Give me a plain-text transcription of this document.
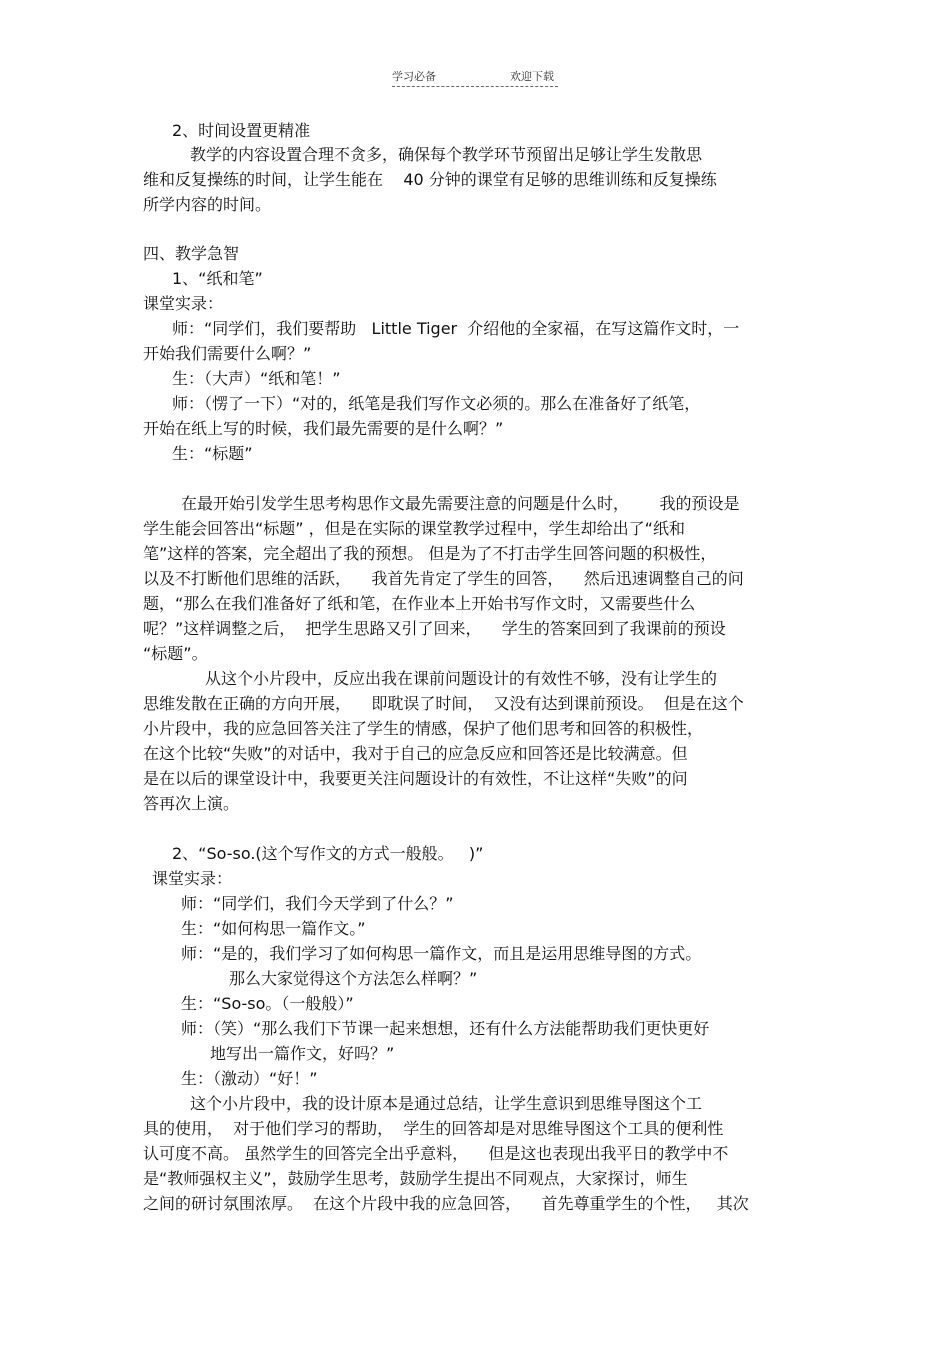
学习必备	欢迎下载
2、时间设置更精准
教学的内容设置合理不贪多，确保每个教学环节预留出足够让学生发散思
维和反复操练的时间，让学生能在    40 分钟的课堂有足够的思维训练和反复操练
所学内容的时间。
四、教学急智
1、“纸和笔”
课堂实录：
师：“同学们，我们要帮助   Little Tiger  介绍他的全家福，在写这篇作文时，一
开始我们需要什么啊？”
生：（大声）“纸和笔！”
师：（愣了一下）“对的，纸笔是我们写作文必须的。那么在准备好了纸笔，
开始在纸上写的时候，我们最先需要的是什么啊？”
生：“标题”
在最开始引发学生思考构思作文最先需要注意的问题是什么时，      我的预设是
学生能会回答出“标题” ，但是在实际的课堂教学过程中，学生却给出了“纸和
笔”这样的答案，完全超出了我的预想。 但是为了不打击学生回答问题的积极性，
以及不打断他们思维的活跃，    我首先肯定了学生的回答，    然后迅速调整自己的问
题，“那么在我们准备好了纸和笔，在作业本上开始书写作文时，又需要些什么
呢？”这样调整之后，  把学生思路又引了回来，    学生的答案回到了我课前的预设
“标题”。
从这个小片段中，反应出我在课前问题设计的有效性不够，没有让学生的
思维发散在正确的方向开展，    即耽误了时间，  又没有达到课前预设。  但是在这个
小片段中，我的应急回答关注了学生的情感，保护了他们思考和回答的积极性，
在这个比较“失败”的对话中，我对于自己的应急反应和回答还是比较满意。但
是在以后的课堂设计中，我要更关注问题设计的有效性，不让这样“失败”的问
答再次上演。
2、“So-so.(这个写作文的方式一般般。   )”
课堂实录：
师：“同学们，我们今天学到了什么？”
生：“如何构思一篇作文。”
师：“是的，我们学习了如何构思一篇作文，而且是运用思维导图的方式。
那么大家觉得这个方法怎么样啊？”
生：“So-so。（一般般）”
师：（笑）“那么我们下节课一起来想想，还有什么方法能帮助我们更快更好
地写出一篇作文，好吗？”
生：（激动）“好！”
这个小片段中，我的设计原本是通过总结，让学生意识到思维导图这个工
具的使用，  对于他们学习的帮助，  学生的回答却是对思维导图这个工具的便利性
认可度不高。 虽然学生的回答完全出乎意料，    但是这也表现出我平日的教学中不
是“教师强权主义”，鼓励学生思考，鼓励学生提出不同观点，大家探讨，师生
之间的研讨氛围浓厚。  在这个片段中我的应急回答，    首先尊重学生的个性，   其次
